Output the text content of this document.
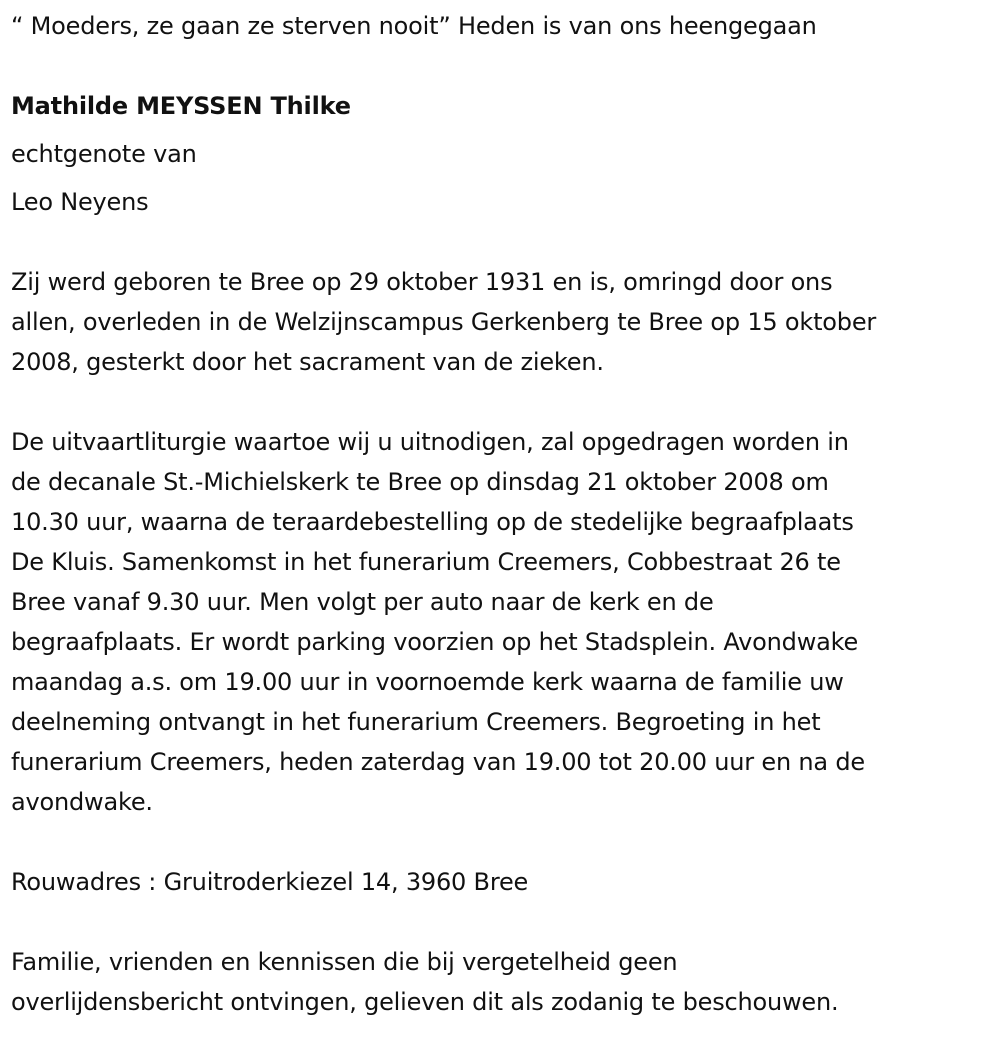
“ Moeders, ze gaan ze sterven nooit” Heden is van ons heengegaan
Mathilde MEYSSEN Thilke
echtgenote van
Leo Neyens
Zij werd geboren te Bree op 29 oktober 1931 en is, omringd door ons
allen, overleden in de Welzijnscampus Gerkenberg te Bree op 15 oktober
2008, gesterkt door het sacrament van de zieken.
De uitvaartliturgie waartoe wij u uitnodigen, zal opgedragen worden in
de decanale St.-Michielskerk te Bree op dinsdag 21 oktober 2008 om
10.30 uur, waarna de teraardebestelling op de stedelijke begraafplaats
De Kluis. Samenkomst in het funerarium Creemers, Cobbestraat 26 te
Bree vanaf 9.30 uur. Men volgt per auto naar de kerk en de
begraafplaats. Er wordt parking voorzien op het Stadsplein. Avondwake
maandag a.s. om 19.00 uur in voornoemde kerk waarna de familie uw
deelneming ontvangt in het funerarium Creemers. Begroeting in het
funerarium Creemers, heden zaterdag van 19.00 tot 20.00 uur en na de
avondwake.
Rouwadres : Gruitroderkiezel 14, 3960 Bree
Familie, vrienden en kennissen die bij vergetelheid geen
overlijdensbericht ontvingen, gelieven dit als zodanig te beschouwen.
